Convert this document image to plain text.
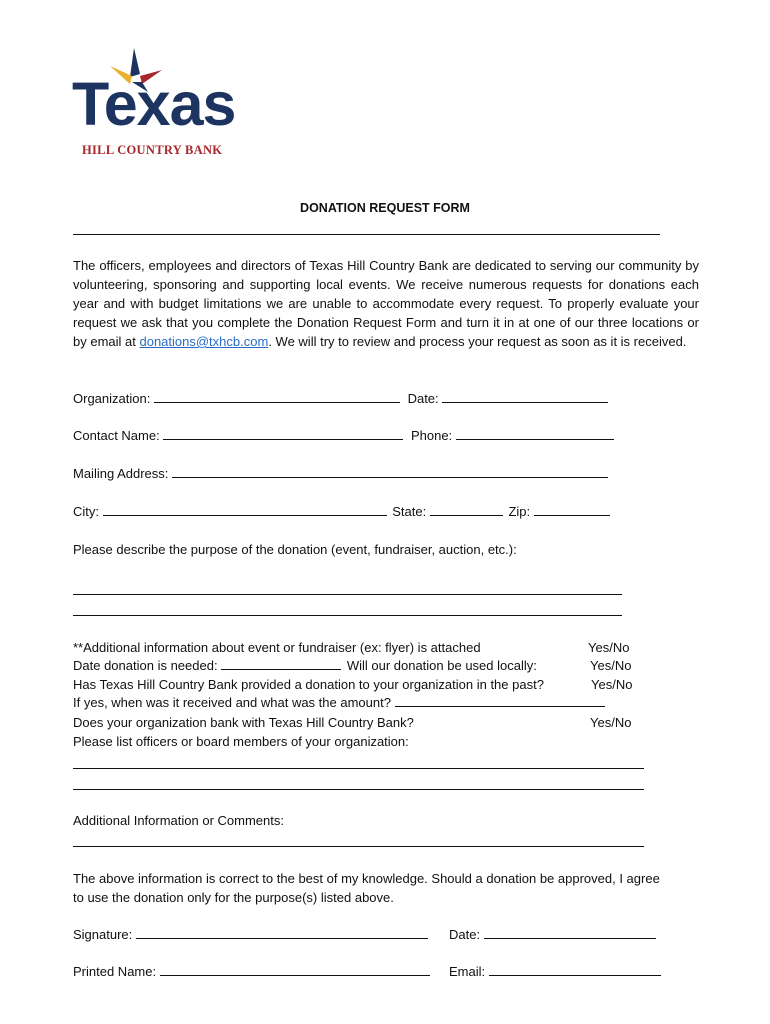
Texas
HILL COUNTRY BANK
DONATION REQUEST FORM
The officers, employees and directors of Texas Hill Country Bank are dedicated to serving our community by volunteering, sponsoring and supporting local events. We receive numerous requests for donations each year and with budget limitations we are unable to accommodate every request. To properly evaluate your request we ask that you complete the Donation Request Form and turn it in at one of our three locations or by email at donations@txhcb.com. We will try to review and process your request as soon as it is received.
Organization:	Date:
Contact Name:	Phone:
Mailing Address:
City:	State:	Zip:
Please describe the purpose of the donation (event, fundraiser, auction, etc.):
**Additional information about event or fundraiser (ex: flyer) is attached	Yes/No
Date donation is needed:	Will our donation be used locally:	Yes/No
Has Texas Hill Country Bank provided a donation to your organization in the past?	Yes/No
If yes, when was it received and what was the amount?
Does your organization bank with Texas Hill Country Bank?	Yes/No
Please list officers or board members of your organization:
Additional Information or Comments:
The above information is correct to the best of my knowledge. Should a donation be approved, I agree to use the donation only for the purpose(s) listed above.
Signature:	Date:
Printed Name:	Email:
